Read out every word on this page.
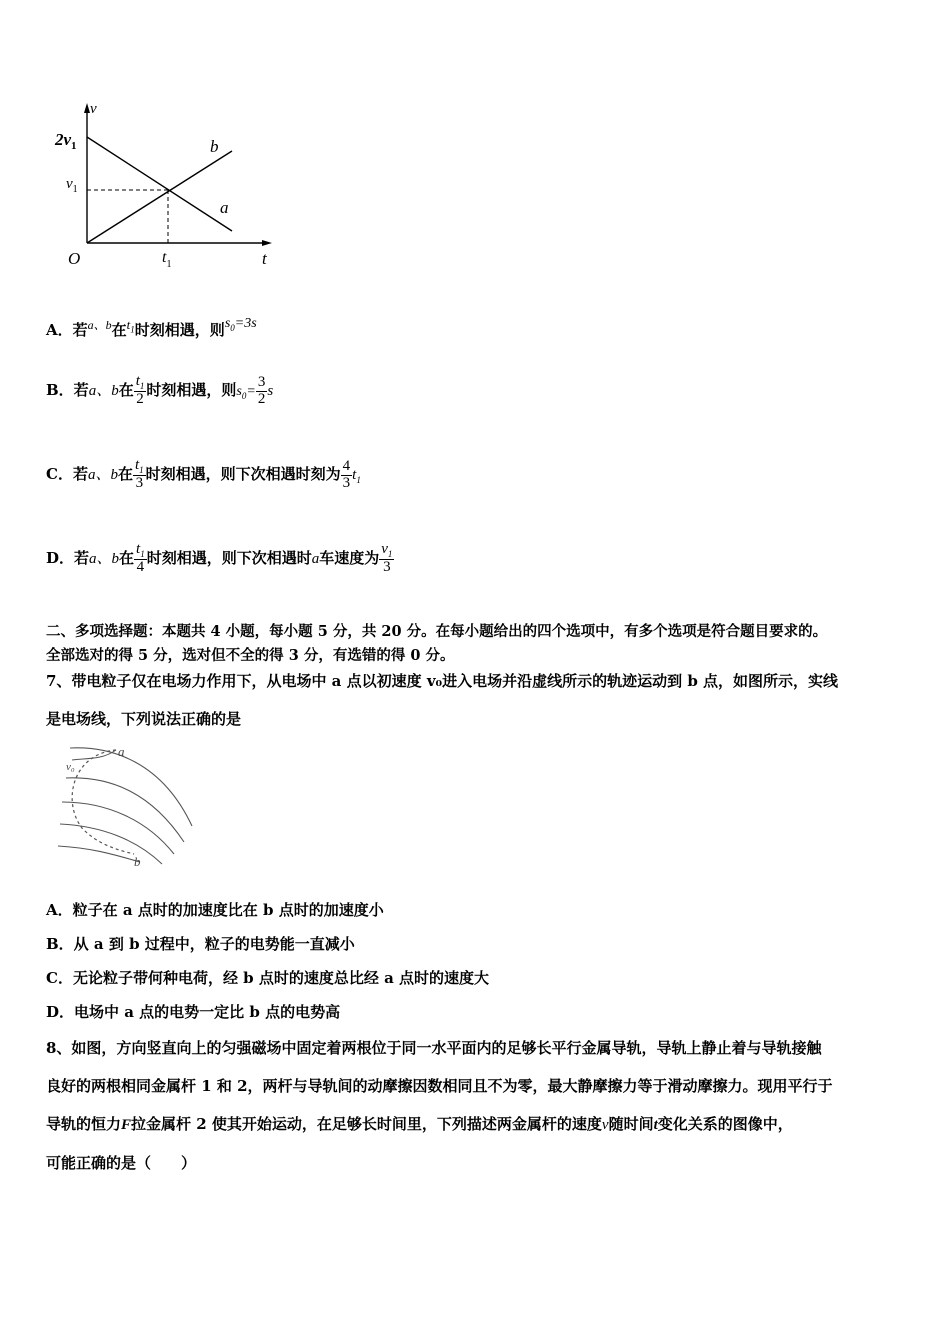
v
$2v_1$
$v_1$
O	$t_1$	t
b
a
A．若$^{a、b}$在$t_1$时刻相遇，则$s_0=3s$
B．若a、b在 $\frac{t_1}{2}$ 时刻相遇，则$s_0= \frac{3}{2}$ s
C．若a、b在 $\frac{t_1}{3}$ 时刻相遇，则下次相遇时刻为 $\frac{4}{3} t_1$
D．若a、b在 $\frac{t_1}{4}$ 时刻相遇，则下次相遇时a车速度为 $\frac{v_1}{3}$
二、多项选择题：本题共 4 小题，每小题 5 分，共 20 分。在每小题给出的四个选项中，有多个选项是符合题目要求的。
全部选对的得 5 分，选对但不全的得 3 分，有选错的得 0 分。
7、带电粒子仅在电场力作用下，从电场中 a 点以初速度 v₀进入电场并沿虚线所示的轨迹运动到 b 点，如图所示，实线
是电场线，下列说法正确的是
a
v₀
b
A．粒子在 a 点时的加速度比在 b 点时的加速度小
B．从 a 到 b 过程中，粒子的电势能一直减小
C．无论粒子带何种电荷，经 b 点时的速度总比经 a 点时的速度大
D．电场中 a 点的电势一定比 b 点的电势高
8、如图，方向竖直向上的匀强磁场中固定着两根位于同一水平面内的足够长平行金属导轨，导轨上静止着与导轨接触
良好的两根相同金属杆 1 和 2，两杆与导轨间的动摩擦因数相同且不为零，最大静摩擦力等于滑动摩擦力。现用平行于
导轨的恒力F拉金属杆 2 使其开始运动，在足够长时间里，下列描述两金属杆的速度v随时间t变化关系的图像中，
可能正确的是（　　）
